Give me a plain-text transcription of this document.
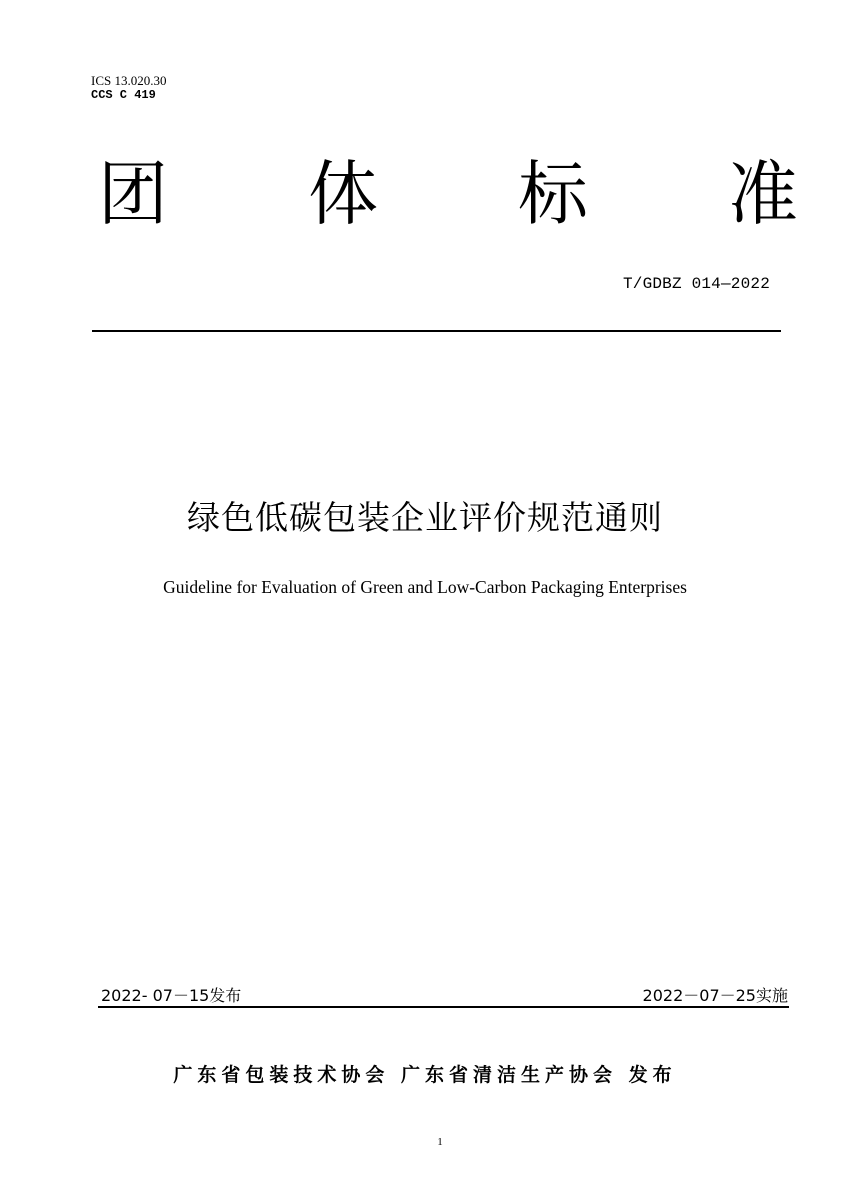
ICS 13.020.30
CCS C 419
团 体 标 准
T/GDBZ 014—2022
绿色低碳包装企业评价规范通则
Guideline for Evaluation of Green and Low-Carbon Packaging Enterprises
2022- 07－15发布	2022－07－25实施
广东省包装技术协会 广东省清洁生产协会 发布
1
